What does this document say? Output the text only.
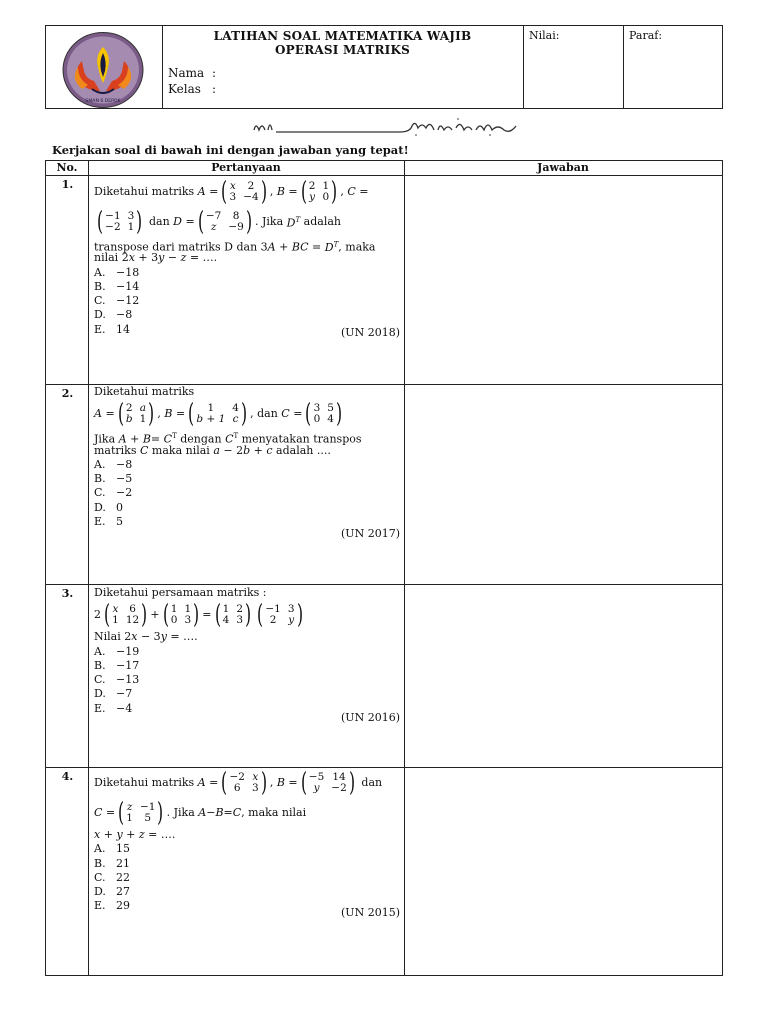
SMAN 6 DEPOK
LATIHAN SOAL MATEMATIKA WAJIB
OPERASI MATRIKS
Nama :
Kelas :
Nilai:	Paraf:
Kerjakan soal di bawah ini dengan jawaban yang tepat!
No.	Pertanyaan	Jawaban
1.
Diketahui matriks
A = ( x	2
3 −4 ) , B = ( 2 1
y 0 ) , C =
( −1 3
−2 1 )
dan
D = ( −7	8
z	−9 ) . Jika
$D^T$
adalah
transpose dari matriks D dan 3A + BC = $D^T$, maka
nilai 2x + 3y − z = ….
A. −18
B. −14
C. −12
D. −8
E. 14	(UN 2018)
2.	Diketahui matriks
A = ( 2 a
b 1 ) , B = (	1	4
b + 1 c ) , dan
C = ( 3 5
0 4 )
Jika $A + B= C^T$ dengan $C^T$ menyatakan transpos
matriks C maka nilai a − 2b + c adalah ....
A. −8
B. −5
C. −2
D. 0
E. 5
(UN 2017)
3.	Diketahui persamaan matriks :
2 ( x	6
1 12 ) + ( 1 1
0 3 ) = ( 1 2
4 3 ) ( −1 3
2	y )
Nilai 2x − 3y = ….
A. −19
B. −17
C. −13
D. −7
E. −4
(UN 2016)
4.	Diketahui matriks
A = ( −2 x
6	3 ) , B = ( −5 14
y	−2 )
dan
C = ( z −1
1	5 ) . Jika
A − B = C , maka nilai
x + y + z = ….
A. 15
B. 21
C. 22
D. 27
E. 29
(UN 2015)
